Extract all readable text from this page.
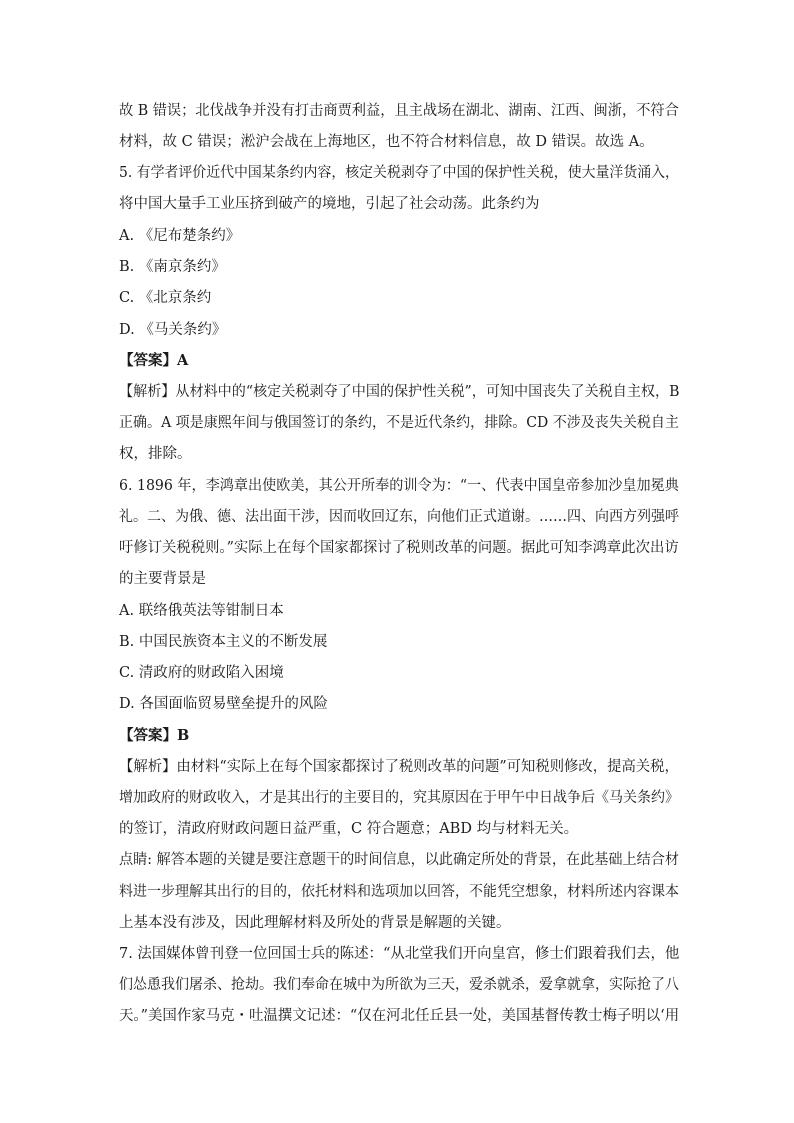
故 B 错误；北伐战争并没有打击商贾利益，且主战场在湖北、湖南、江西、闽浙，不符合
材料，故 C 错误；淞沪会战在上海地区，也不符合材料信息，故 D 错误。故选 A。
5. 有学者评价近代中国某条约内容，核定关税剥夺了中国的保护性关税，使大量洋货涌入，
将中国大量手工业压挤到破产的境地，引起了社会动荡。此条约为
A. 《尼布楚条约》
B. 《南京条约》
C. 《北京条约
D. 《马关条约》
【答案】A
【解析】从材料中的“核定关税剥夺了中国的保护性关税”，可知中国丧失了关税自主权，B
正确。A 项是康熙年间与俄国签订的条约，不是近代条约，排除。CD 不涉及丧失关税自主
权，排除。
6. 1896 年，李鸿章出使欧美，其公开所奉的训令为：“一、代表中国皇帝参加沙皇加冕典
礼。二、为俄、德、法出面干涉，因而收回辽东，向他们正式道谢。……四、向西方列强呼
吁修订关税税则。”实际上在每个国家都探讨了税则改革的问题。据此可知李鸿章此次出访
的主要背景是
A. 联络俄英法等钳制日本
B. 中国民族资本主义的不断发展
C. 清政府的财政陷入困境
D. 各国面临贸易壁垒提升的风险
【答案】B
【解析】由材料“实际上在每个国家都探讨了税则改革的问题”可知税则修改，提高关税，
增加政府的财政收入，才是其出行的主要目的，究其原因在于甲午中日战争后《马关条约》
的签订，清政府财政问题日益严重，C 符合题意；ABD 均与材料无关。
点睛: 解答本题的关键是要注意题干的时间信息，以此确定所处的背景，在此基础上结合材
料进一步理解其出行的目的，依托材料和选项加以回答，不能凭空想象，材料所述内容课本
上基本没有涉及，因此理解材料及所处的背景是解题的关键。
7. 法国媒体曾刊登一位回国士兵的陈述：“从北堂我们开向皇宫，修士们跟着我们去，他
们怂恿我们屠杀、抢劫。我们奉命在城中为所欲为三天，爱杀就杀，爱拿就拿，实际抢了八
天。”美国作家马克・吐温撰文记述：“仅在河北任丘县一处，美国基督传教士梅子明以‘用
